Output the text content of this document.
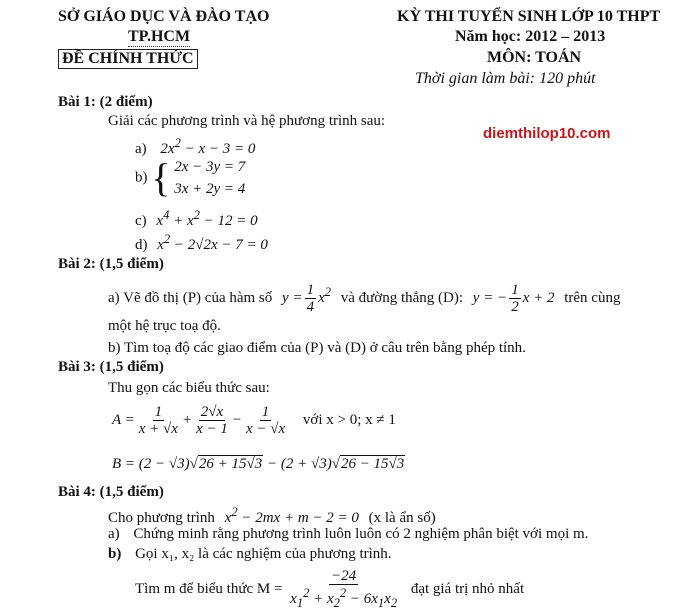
SỞ GIÁO DỤC VÀ ĐÀO TẠO
TP.HCM
ĐỀ CHÍNH THỨC
KỲ THI TUYỂN SINH LỚP 10 THPT
Năm học: 2012 – 2013
MÔN: TOÁN
Thời gian làm bài: 120 phút
Bài 1: (2 điểm)
Giải các phương trình và hệ phương trình sau:
diemthilop10.com
a) $2x^2 - x - 3 = 0$
b) { 2x − 3y = 7
3x + 2y = 4
c) $x^4 + x^2 - 12 = 0$
d) $x^2 - 2√2x - 7 = 0$
Bài 2: (1,5 điểm)
a) Vẽ đồ thị (P) của hàm số $y = \frac{1}{4} x^2$ và đường thẳng (D): y = − $\frac{1}{2}$ x + 2 trên cùng
một hệ trục toạ độ.
b) Tìm toạ độ các giao điểm của (P) và (D) ở câu trên bằng phép tính.
Bài 3: (1,5 điểm)
Thu gọn các biểu thức sau:
$A = \frac{1}{x + √x} + \frac{2√x}{x - 1} - \frac{1}{x - √x}$ với x > 0; x ≠ 1
B = (2 − √3)√26 + 15√3 − (2 + √3)√26 − 15√3
Bài 4: (1,5 điểm)
Cho phương trình $x^2 - 2mx + m - 2 = 0$ (x là ẩn số)
a) Chứng minh rằng phương trình luôn luôn có 2 nghiệm phân biệt với mọi m.
b) Gọi x₁, x₂ là các nghiệm của phương trình.
Tìm m để biểu thức $M = \frac{-24}{x_1^2 + x_2^2 - 6x_1x_2}$ đạt giá trị nhỏ nhất
